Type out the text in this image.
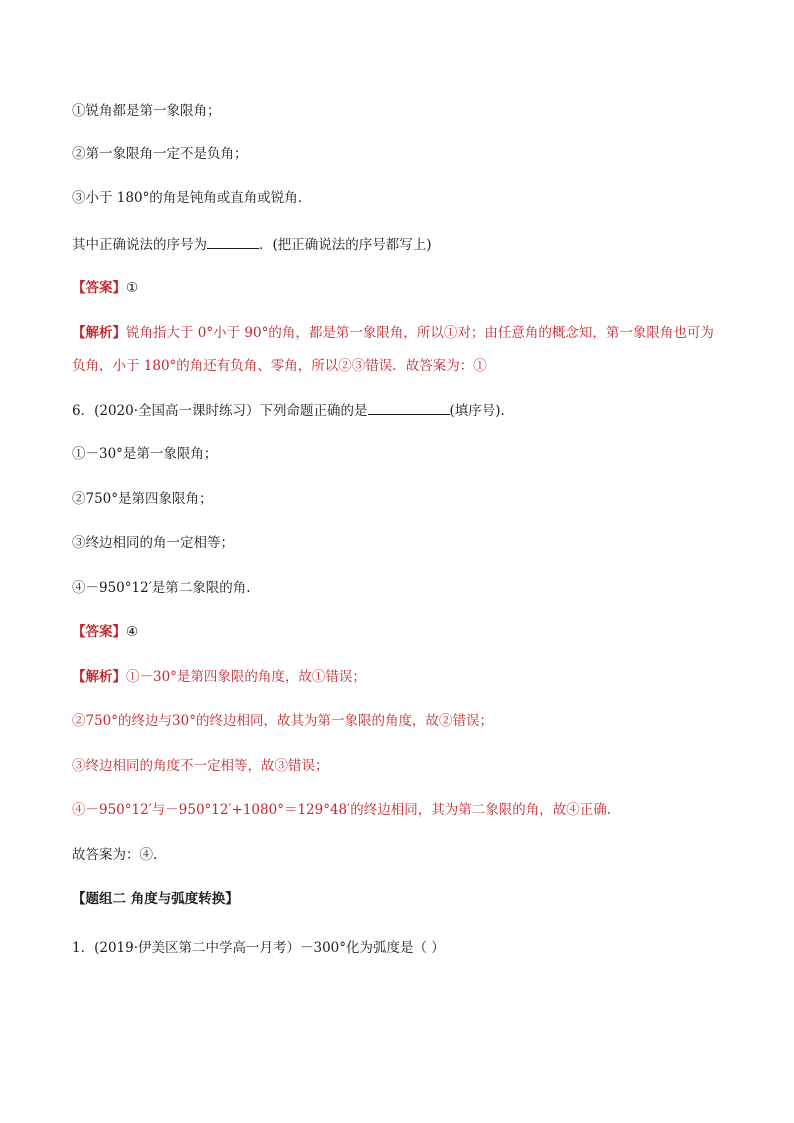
①锐角都是第一象限角；
②第一象限角一定不是负角；
③小于 180°的角是钝角或直角或锐角．
其中正确说法的序号为	．(把正确说法的序号都写上)
【答案】①
【解析】锐角指大于 0°小于 90°的角，都是第一象限角，所以①对；由任意角的概念知，第一象限角也可为
负角，小于 180°的角还有负角、零角，所以②③错误．故答案为：①
6．(2020·全国高一课时练习）下列命题正确的是	(填序号).
①－30°是第一象限角；
②750°是第四象限角；
③终边相同的角一定相等；
④－950°12′是第二象限的角.
【答案】④
【解析】①－30°是第四象限的角度，故①错误；
②750°的终边与30°的终边相同，故其为第一象限的角度，故②错误；
③终边相同的角度不一定相等，故③错误；
④－950°12′与－950°12′+1080°＝129°48′的终边相同，其为第二象限的角，故④正确.
故答案为：④.
【题组二 角度与弧度转换】
1．(2019·伊美区第二中学高一月考）－300°化为弧度是（ ）
